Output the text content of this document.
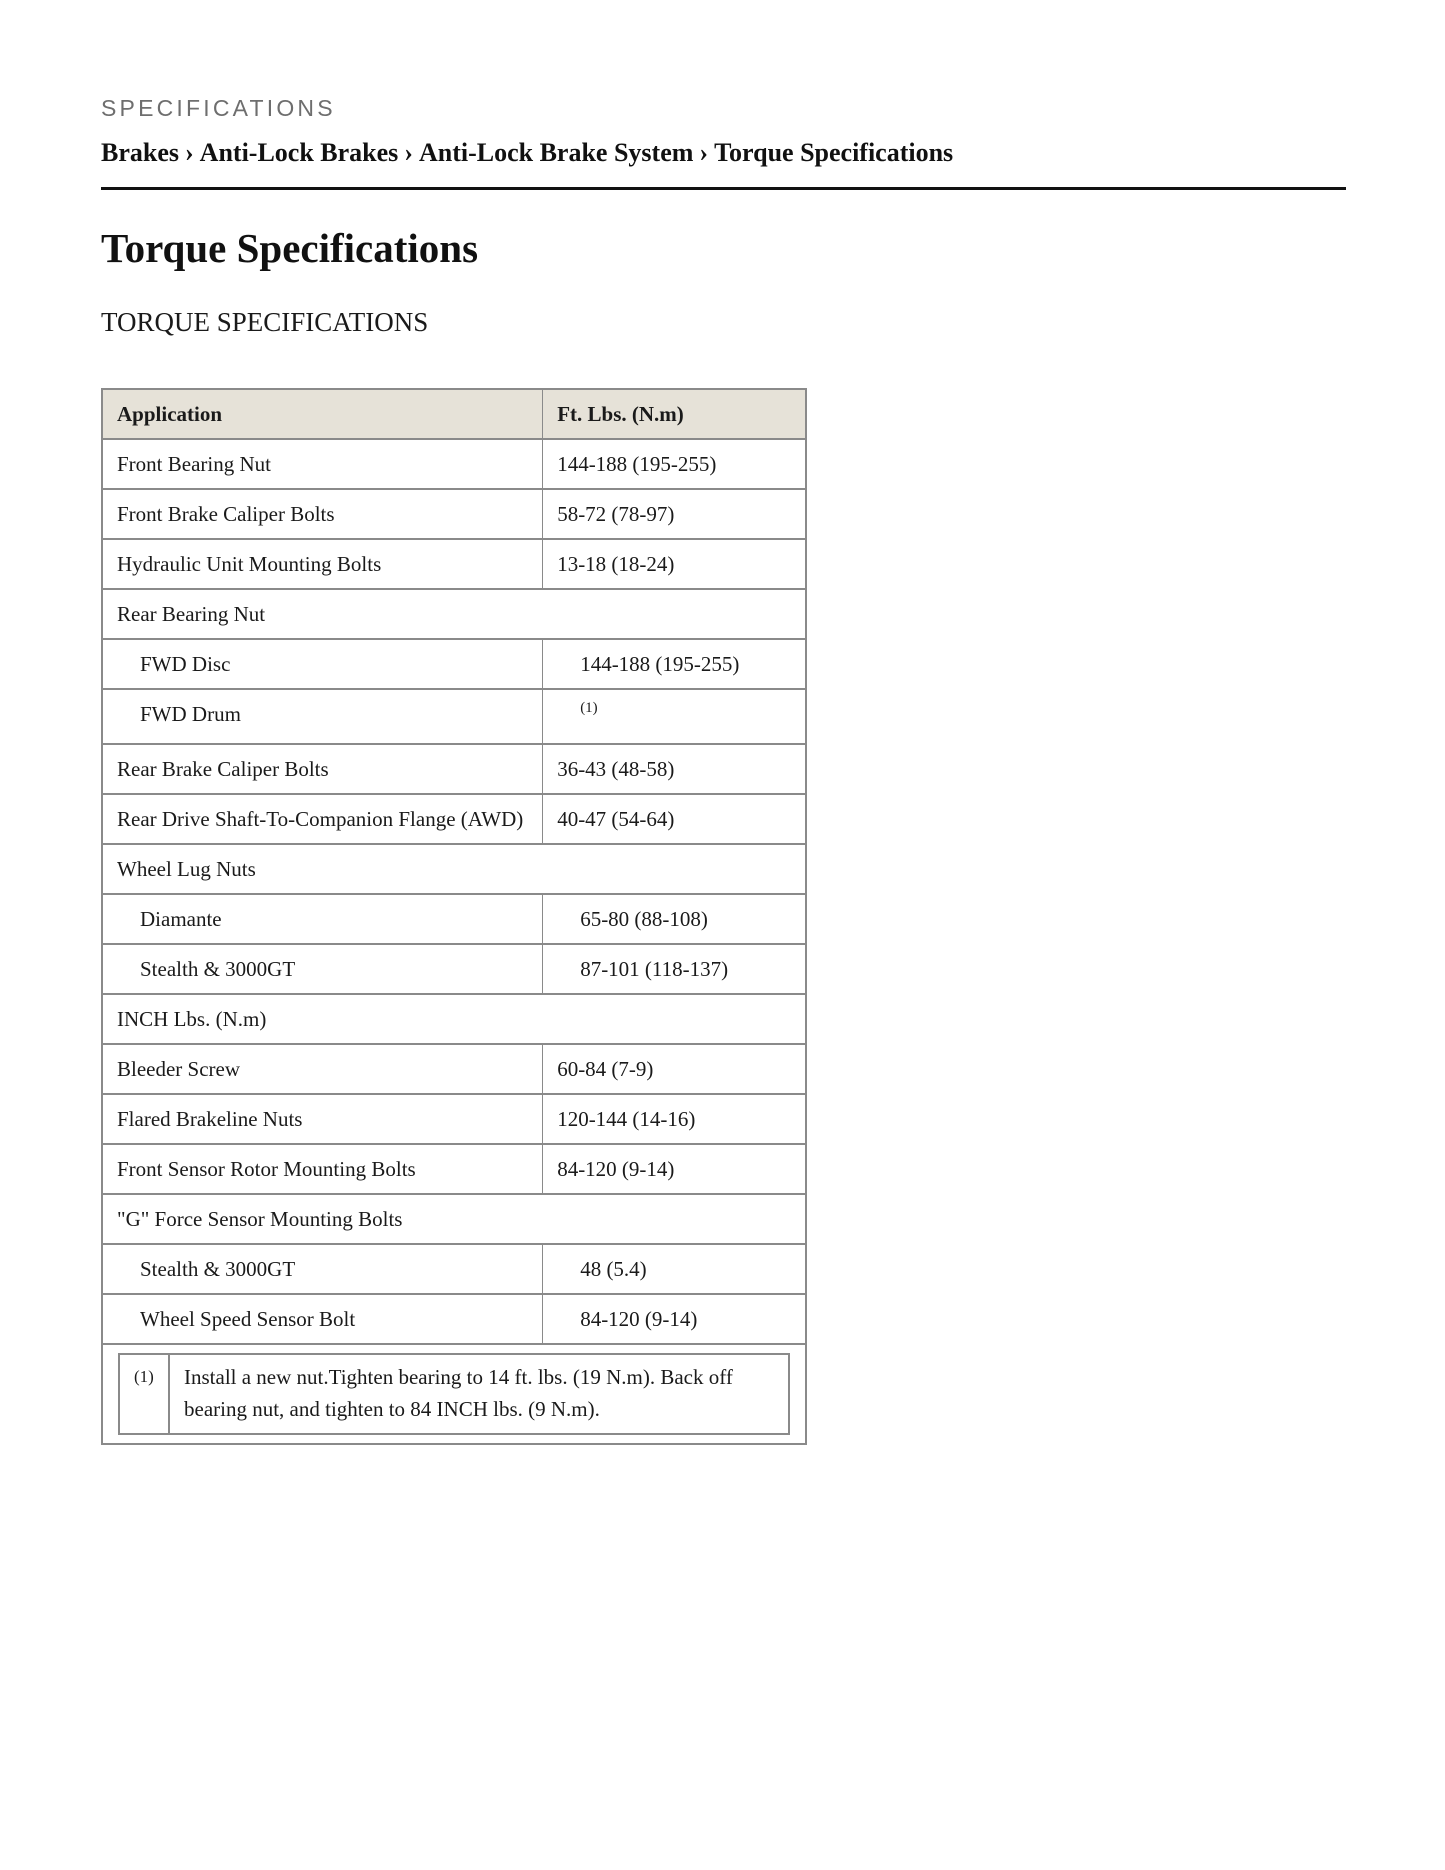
SPECIFICATIONS
Brakes › Anti-Lock Brakes › Anti-Lock Brake System › Torque Specifications
Torque Specifications
TORQUE SPECIFICATIONS
Application	Ft. Lbs. (N.m)
Front Bearing Nut	144-188 (195-255)
Front Brake Caliper Bolts	58-72 (78-97)
Hydraulic Unit Mounting Bolts	13-18 (18-24)
Rear Bearing Nut
FWD Disc	144-188 (195-255)
FWD Drum	$^{(1)}$
Rear Brake Caliper Bolts	36-43 (48-58)
Rear Drive Shaft-To-Companion Flange (AWD)	40-47 (54-64)
Wheel Lug Nuts
Diamante	65-80 (88-108)
Stealth & 3000GT	87-101 (118-137)
INCH Lbs. (N.m)
Bleeder Screw	60-84 (7-9)
Flared Brakeline Nuts	120-144 (14-16)
Front Sensor Rotor Mounting Bolts	84-120 (9-14)
"G" Force Sensor Mounting Bolts
Stealth & 3000GT	48 (5.4)
Wheel Speed Sensor Bolt	84-120 (9-14)

(1)	Install a new nut.Tighten bearing to 14 ft. lbs. (19 N.m). Back off bearing nut, and tighten to 84 INCH lbs. (9 N.m).
